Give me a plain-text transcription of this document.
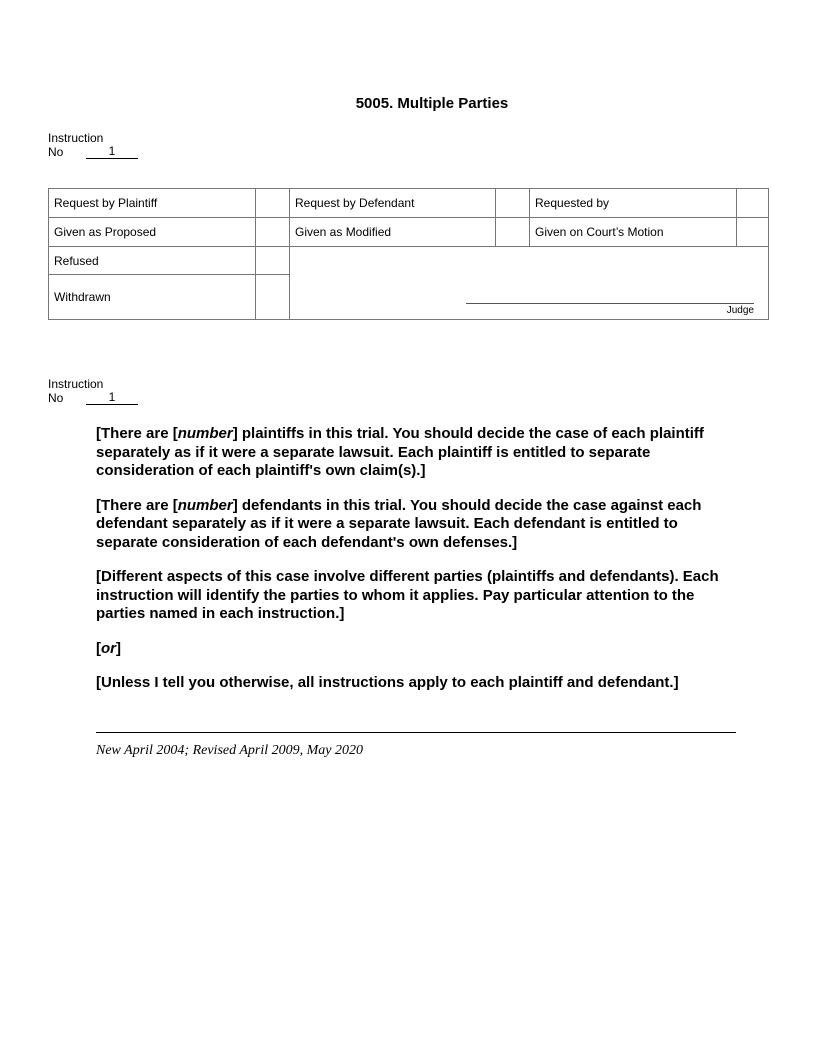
5005. Multiple Parties
Instruction
No	1
Request by Plaintiff		Request by Defendant		Requested by	
Given as Proposed		Given as Modified		Given on Court’s Motion	
Refused		Judge			

Withdrawn					
Instruction
No	1

[There are [number] plaintiffs in this trial. You should decide the case of each plaintiff separately as if it were a separate lawsuit. Each plaintiff is entitled to separate consideration of each plaintiff's own claim(s).]

[There are [number] defendants in this trial. You should decide the case against each defendant separately as if it were a separate lawsuit. Each defendant is entitled to separate consideration of each defendant's own defenses.]

[Different aspects of this case involve different parties (plaintiffs and defendants). Each instruction will identify the parties to whom it applies. Pay particular attention to the parties named in each instruction.]

[or]

[Unless I tell you otherwise, all instructions apply to each plaintiff and defendant.]

New April 2004; Revised April 2009, May 2020
